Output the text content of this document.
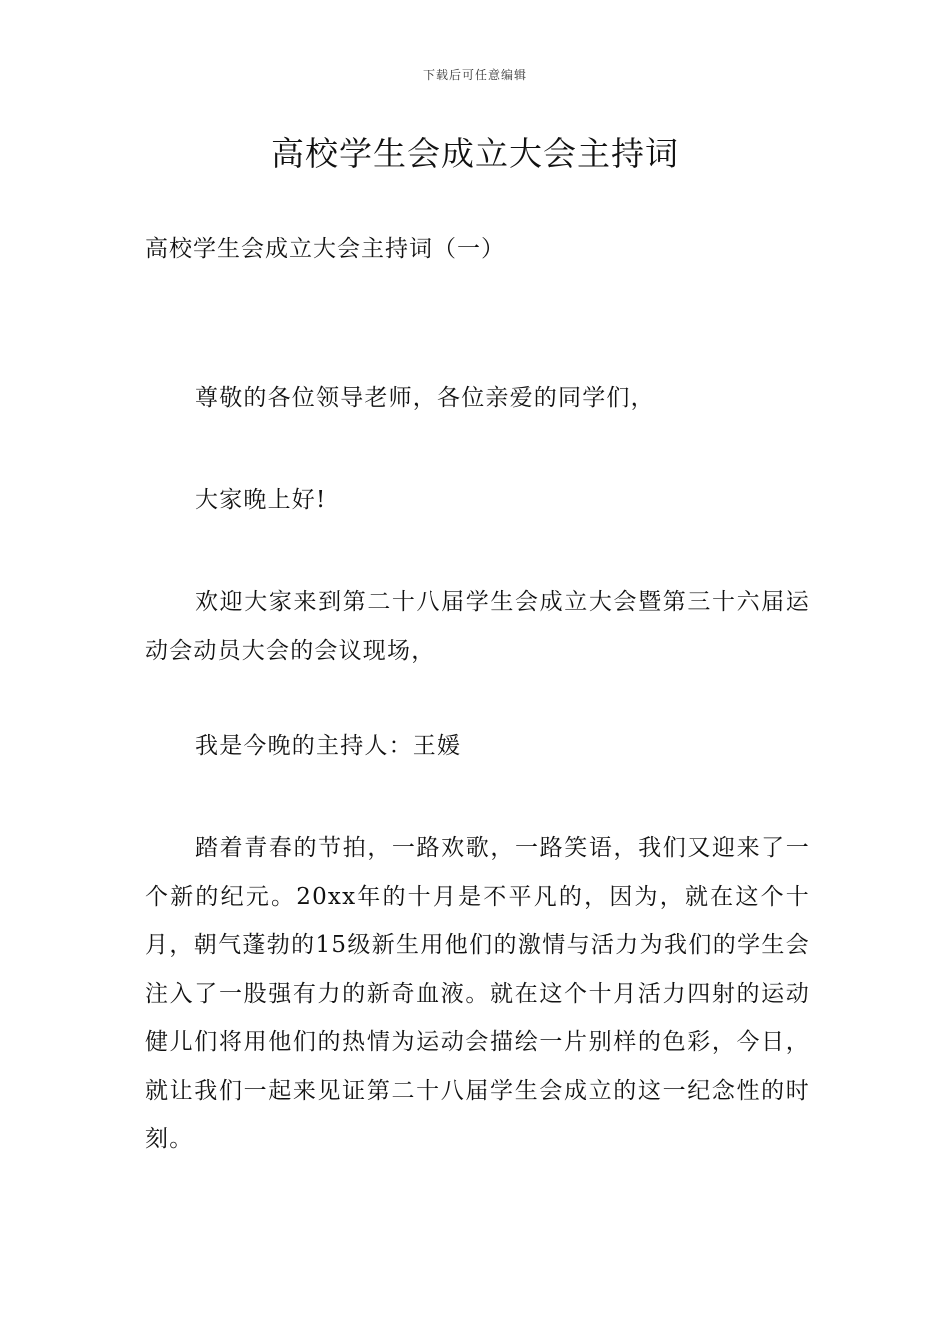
下载后可任意编辑
高校学生会成立大会主持词
高校学生会成立大会主持词（一）

尊敬的各位领导老师，各位亲爱的同学们，

大家晚上好!

欢迎大家来到第二十八届学生会成立大会暨第三十六届运动会动员大会的会议现场，

我是今晚的主持人：王媛

踏着青春的节拍，一路欢歌，一路笑语，我们又迎来了一个新的纪元。20xx年的十月是不平凡的，因为，就在这个十月，朝气蓬勃的15级新生用他们的激情与活力为我们的学生会注入了一股强有力的新奇血液。就在这个十月活力四射的运动健儿们将用他们的热情为运动会描绘一片别样的色彩，今日，就让我们一起来见证第二十八届学生会成立的这一纪念性的时刻。
